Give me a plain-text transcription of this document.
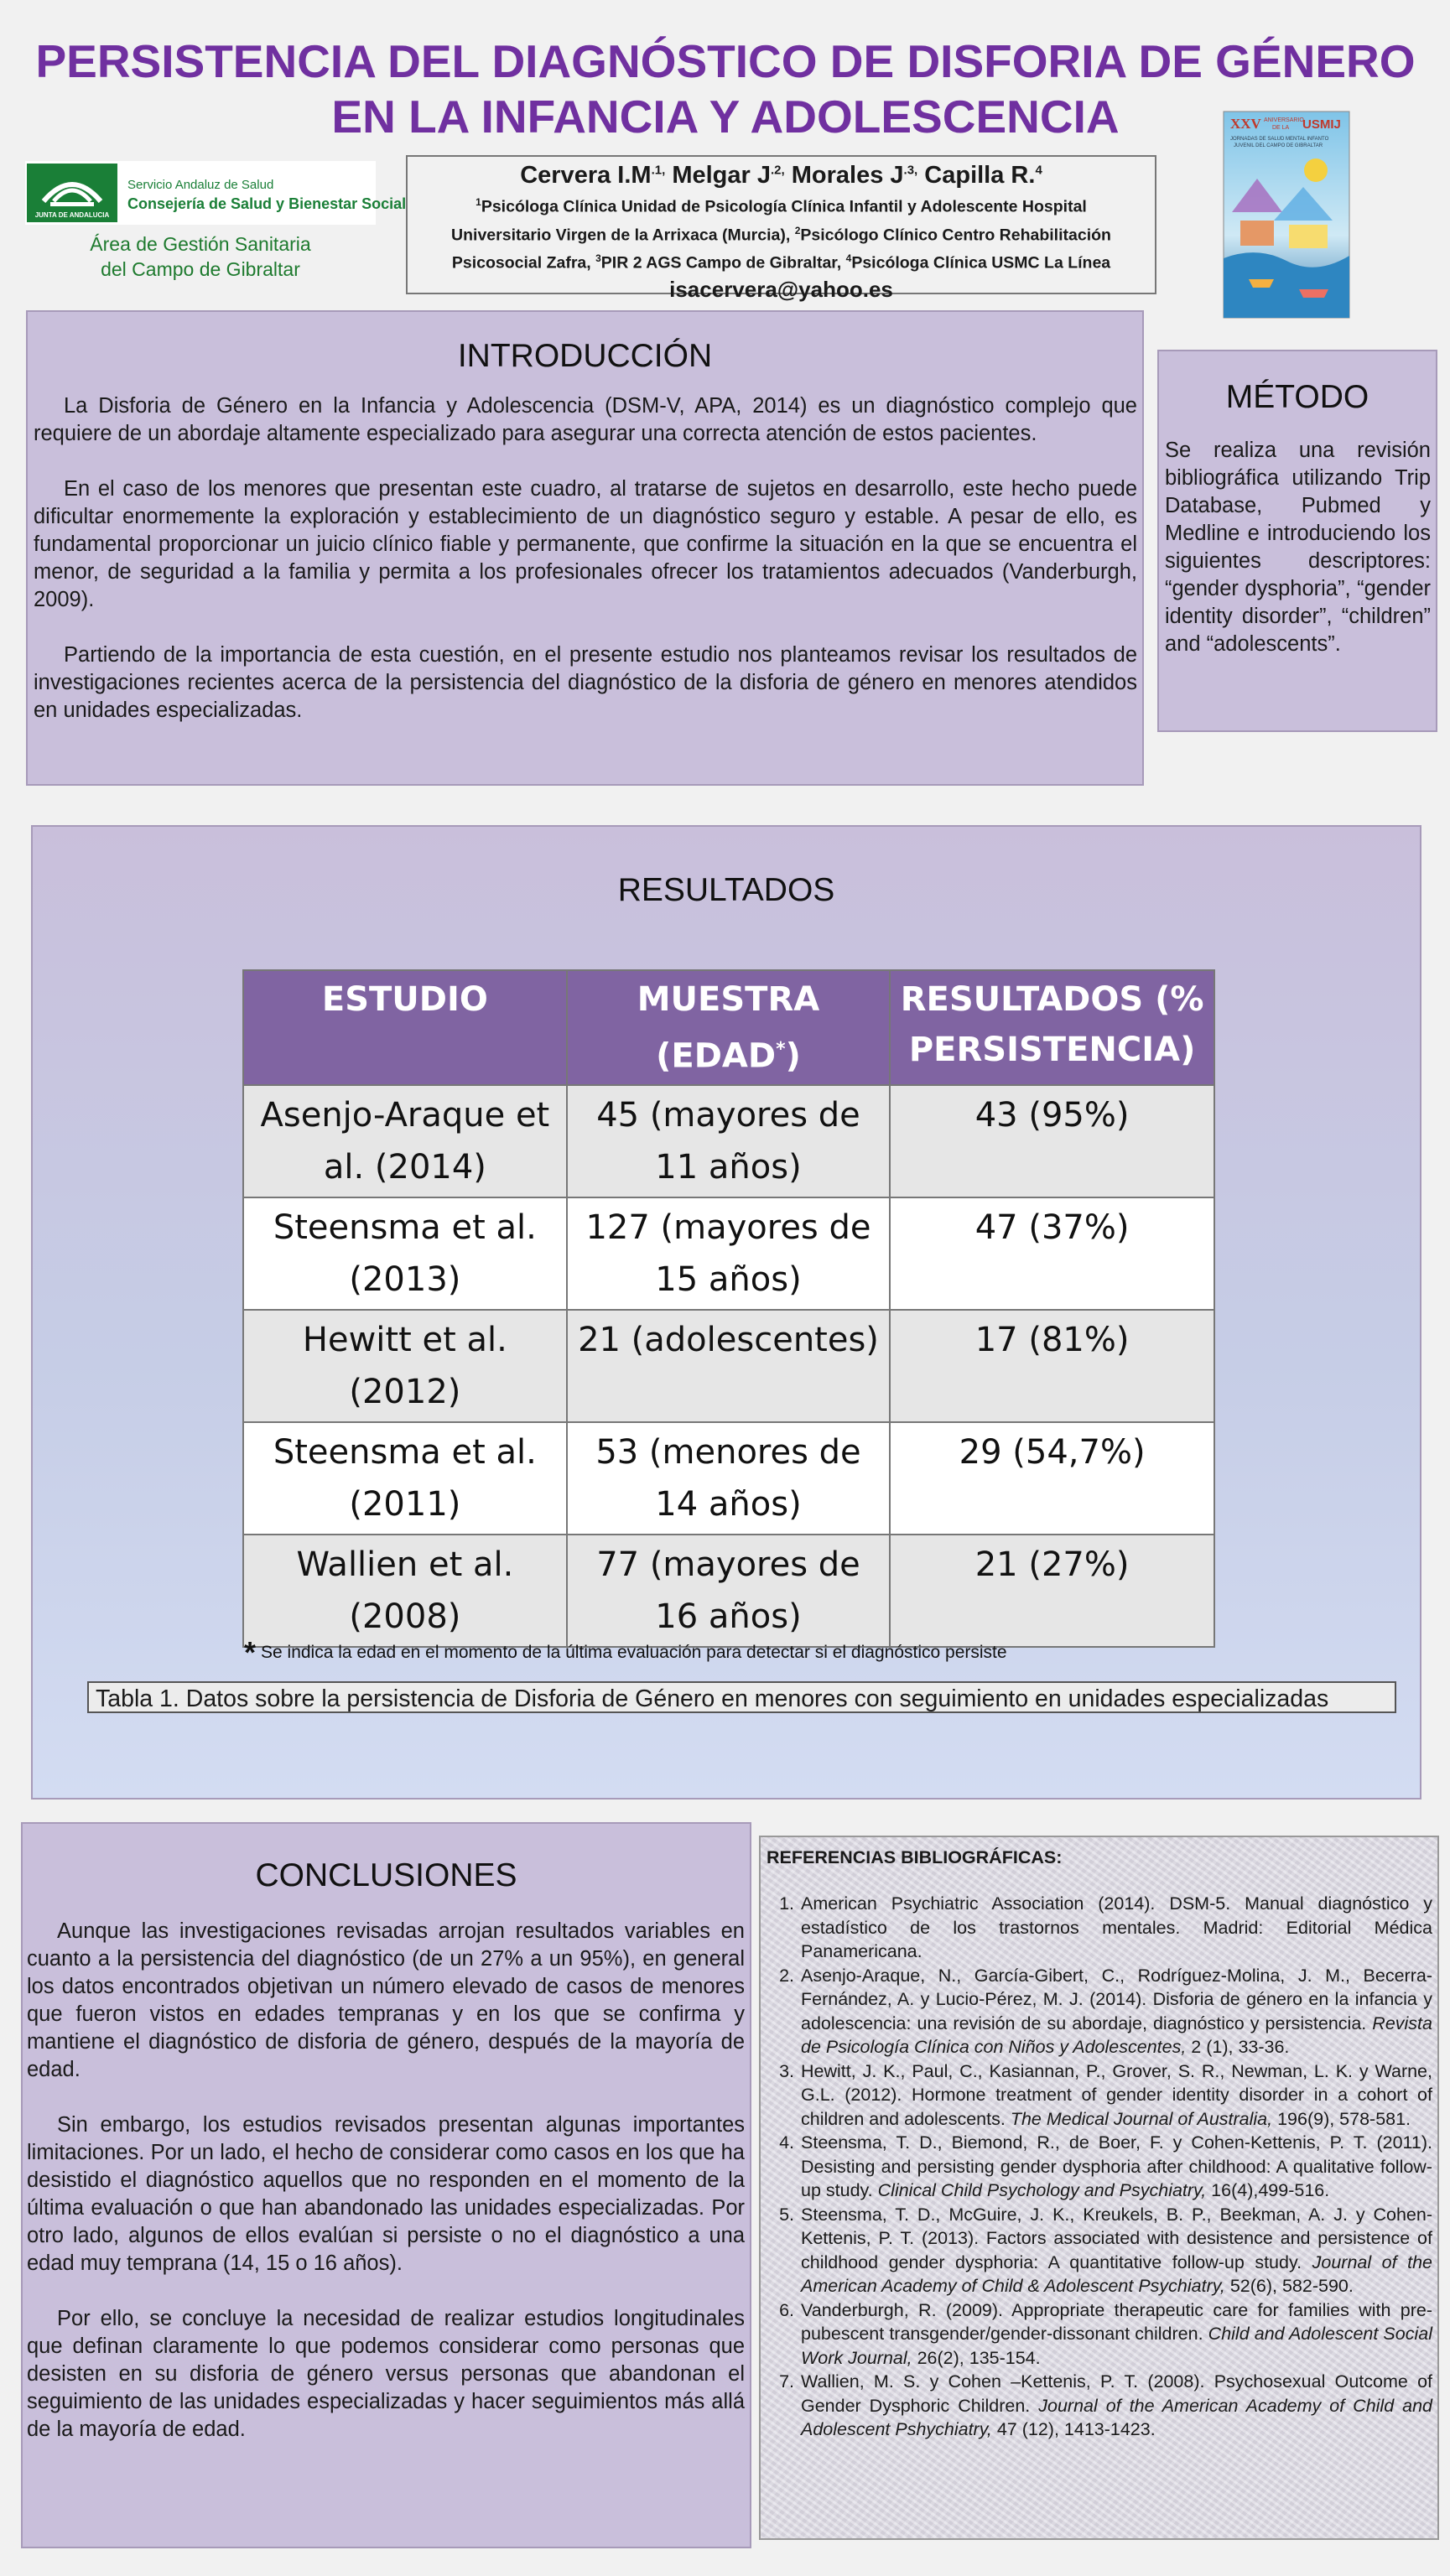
PERSISTENCIA DEL DIAGNÓSTICO DE DISFORIA DE GÉNERO
EN LA INFANCIA Y ADOLESCENCIA
JUNTA DE ANDALUCIA
Servicio Andaluz de Salud
Consejería de Salud y Bienestar Social
Área de Gestión Sanitaria
del Campo de Gibraltar
Cervera $I.M^{.1,}$ Melgar $J^{.2,}$ Morales $J^{.3,}$ Capilla R.$^4$
$^1$Psicóloga Clínica Unidad de Psicología Clínica Infantil y Adolescente Hospital
Universitario Virgen de la Arrixaca (Murcia), $^2$Psicólogo Clínico Centro Rehabilitación
Psicosocial Zafra, $^3$PIR 2 AGS Campo de Gibraltar, $^4$Psicóloga Clínica USMC La Línea
isacervera@yahoo.es
XXV ANIVERSARIO
DE LA USMIJ
JORNADAS DE SALUD MENTAL INFANTO
JUVENIL DEL CAMPO DE GIBRALTAR
INTRODUCCIÓN

La Disforia de Género en la Infancia y Adolescencia (DSM-V, APA, 2014) es un diagnóstico complejo que requiere de un abordaje altamente especializado para asegurar una correcta atención de estos pacientes.

En el caso de los menores que presentan este cuadro, al tratarse de sujetos en desarrollo, este hecho puede dificultar enormemente la exploración y establecimiento de un diagnóstico seguro y estable. A pesar de ello, es fundamental proporcionar un juicio clínico fiable y permanente, que confirme la situación en la que se encuentra el menor, de seguridad a la familia y permita a los profesionales ofrecer los tratamientos adecuados (Vanderburgh, 2009).

Partiendo de la importancia de esta cuestión, en el presente estudio nos planteamos revisar los resultados de investigaciones recientes acerca de la persistencia del diagnóstico de la disforia de género en menores atendidos en unidades especializadas.

MÉTODO

Se realiza una revisión bibliográfica utilizando Trip Database, Pubmed y Medline e introduciendo los siguientes descriptores: “gender dysphoria”, “gender identity disorder”, “children” and “adolescents”.

RESULTADOS
ESTUDIO	MUESTRA (EDAD*)	RESULTADOS (% PERSISTENCIA)
Asenjo-Araque et al. (2014)	45 (mayores de 11 años)	43 (95%)
Steensma et al. (2013)	127 (mayores de 15 años)	47 (37%)
Hewitt et al. (2012)	21 (adolescentes)	17 (81%)
Steensma et al. (2011)	53 (menores de 14 años)	29 (54,7%)
Wallien et al. (2008)	77 (mayores de 16 años)	21 (27%)
* Se indica la edad en el momento de la última evaluación para detectar si el diagnóstico persiste
Tabla 1. Datos sobre la persistencia de Disforia de Género en menores con seguimiento en unidades especializadas
CONCLUSIONES

Aunque las investigaciones revisadas arrojan resultados variables en cuanto a la persistencia del diagnóstico (de un 27% a un 95%), en general los datos encontrados objetivan un número elevado de casos de menores que fueron vistos en edades tempranas y en los que se confirma y mantiene el diagnóstico de disforia de género, después de la mayoría de edad.

Sin embargo, los estudios revisados presentan algunas importantes limitaciones. Por un lado, el hecho de considerar como casos en los que ha desistido el diagnóstico aquellos que no responden en el momento de la última evaluación o que han abandonado las unidades especializadas. Por otro lado, algunos de ellos evalúan si persiste o no el diagnóstico a una edad muy temprana (14, 15 o 16 años).

Por ello, se concluye la necesidad de realizar estudios longitudinales que definan claramente lo que podemos considerar como personas que desisten en su disforia de género versus personas que abandonan el seguimiento de las unidades especializadas y hacer seguimientos más allá de la mayoría de edad.

REFERENCIAS BIBLIOGRÁFICAS:
1. American Psychiatric Association (2014). DSM-5. Manual diagnóstico y estadístico de los trastornos mentales. Madrid: Editorial Médica Panamericana.
2. Asenjo-Araque, N., García-Gibert, C., Rodríguez-Molina, J. M., Becerra-Fernández, A. y Lucio-Pérez, M. J. (2014). Disforia de género en la infancia y adolescencia: una revisión de su abordaje, diagnóstico y persistencia. Revista de Psicología Clínica con Niños y Adolescentes, 2 (1), 33-36.
3. Hewitt, J. K., Paul, C., Kasiannan, P., Grover, S. R., Newman, L. K. y Warne, G.L. (2012). Hormone treatment of gender identity disorder in a cohort of children and adolescents. The Medical Journal of Australia, 196(9), 578-581.
4. Steensma, T. D., Biemond, R., de Boer, F. y Cohen-Kettenis, P. T. (2011). Desisting and persisting gender dysphoria after childhood: A qualitative follow-up study. Clinical Child Psychology and Psychiatry, 16(4),499-516.
5. Steensma, T. D., McGuire, J. K., Kreukels, B. P., Beekman, A. J. y Cohen-Kettenis, P. T. (2013). Factors associated with desistence and persistence of childhood gender dysphoria: A quantitative follow-up study. Journal of the American Academy of Child & Adolescent Psychiatry, 52(6), 582-590.
6. Vanderburgh, R. (2009). Appropriate therapeutic care for families with pre-pubescent transgender/gender-dissonant children. Child and Adolescent Social Work Journal, 26(2), 135-154.
7. Wallien, M. S. y Cohen –Kettenis, P. T. (2008). Psychosexual Outcome of Gender Dysphoric Children. Journal of the American Academy of Child and Adolescent Pshychiatry, 47 (12), 1413-1423.
